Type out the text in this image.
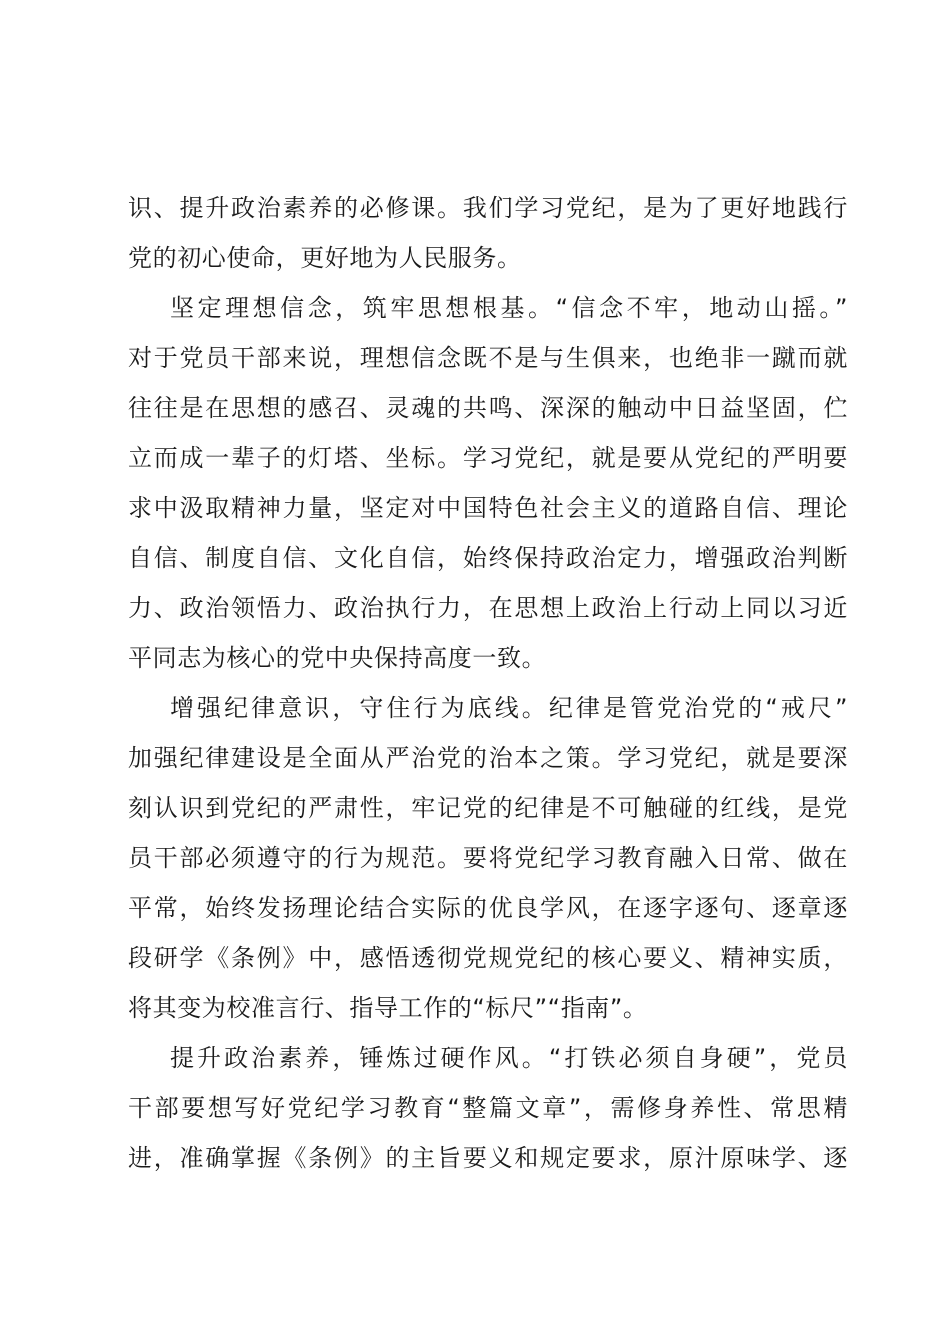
识、提升政治素养的必修课。我们学习党纪，是为了更好地践行
党的初心使命，更好地为人民服务。
坚定理想信念，筑牢思想根基。“信念不牢，地动山摇。”
对于党员干部来说，理想信念既不是与生俱来，也绝非一蹴而就
往往是在思想的感召、灵魂的共鸣、深深的触动中日益坚固，伫
立而成一辈子的灯塔、坐标。学习党纪，就是要从党纪的严明要
求中汲取精神力量，坚定对中国特色社会主义的道路自信、理论
自信、制度自信、文化自信，始终保持政治定力，增强政治判断
力、政治领悟力、政治执行力，在思想上政治上行动上同以习近
平同志为核心的党中央保持高度一致。
增强纪律意识，守住行为底线。纪律是管党治党的“戒尺”
加强纪律建设是全面从严治党的治本之策。学习党纪，就是要深
刻认识到党纪的严肃性，牢记党的纪律是不可触碰的红线，是党
员干部必须遵守的行为规范。要将党纪学习教育融入日常、做在
平常，始终发扬理论结合实际的优良学风，在逐字逐句、逐章逐
段研学《条例》中，感悟透彻党规党纪的核心要义、精神实质，
将其变为校准言行、指导工作的“标尺”“指南”。
提升政治素养，锤炼过硬作风。“打铁必须自身硬”，党员
干部要想写好党纪学习教育“整篇文章”，需修身养性、常思精
进，准确掌握《条例》的主旨要义和规定要求，原汁原味学、逐
